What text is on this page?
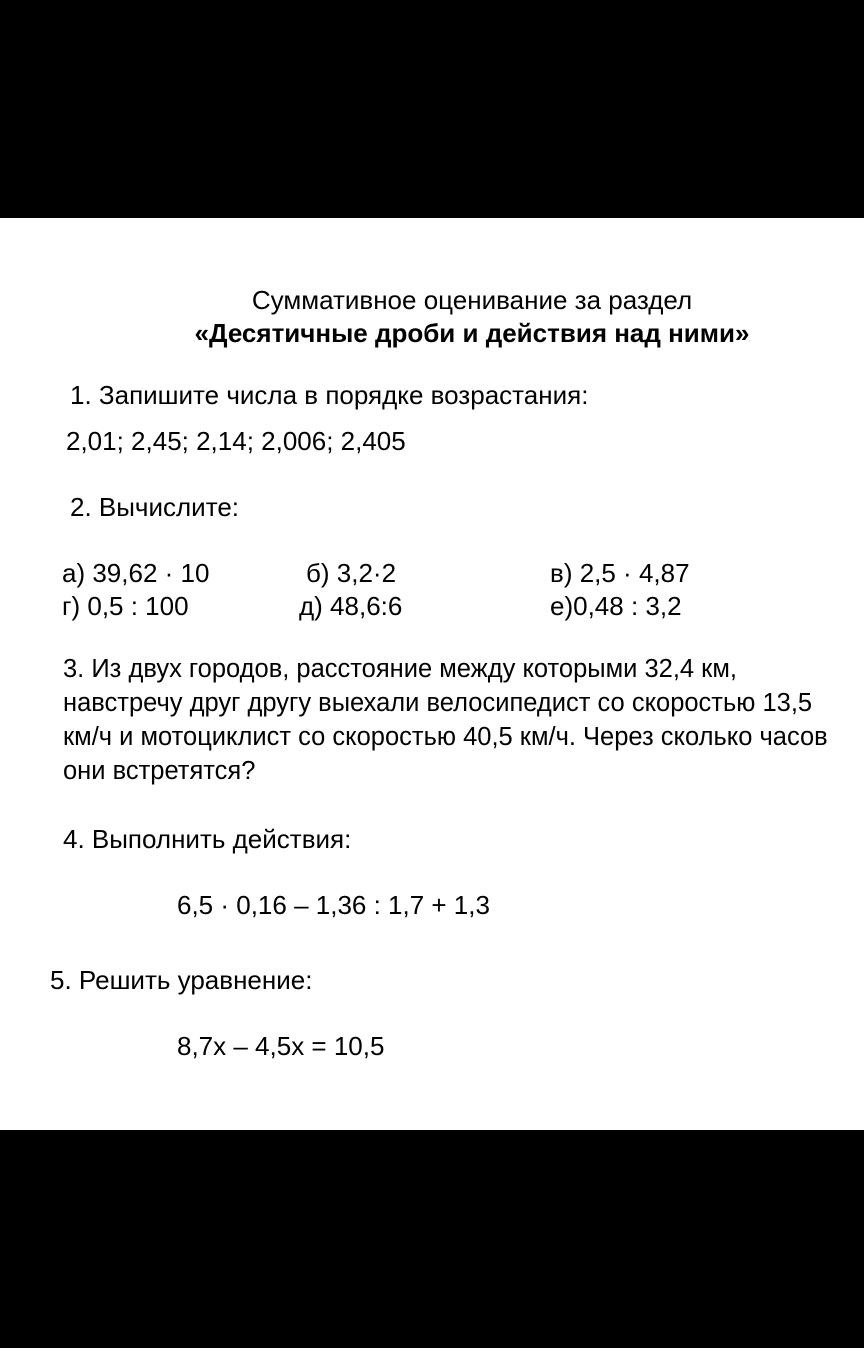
Суммативное оценивание за раздел
«Десятичные дроби и действия над ними»
1. Запишите числа в порядке возрастания:
2,01; 2,45; 2,14; 2,006; 2,405
2. Вычислите:
а) 39,62 · 10	б) 3,2·2	в) 2,5 · 4,87
г) 0,5 : 100	д) 48,6:6	е)0,48 : 3,2
3. Из двух городов, расстояние между которыми 32,4 км, навстречу друг другу выехали велосипедист со скоростью 13,5 км/ч и мотоциклист со скоростью 40,5 км/ч. Через сколько часов они встретятся?
4. Выполнить действия:
6,5 · 0,16 – 1,36 : 1,7 + 1,3
5. Решить уравнение:
8,7х – 4,5х = 10,5
